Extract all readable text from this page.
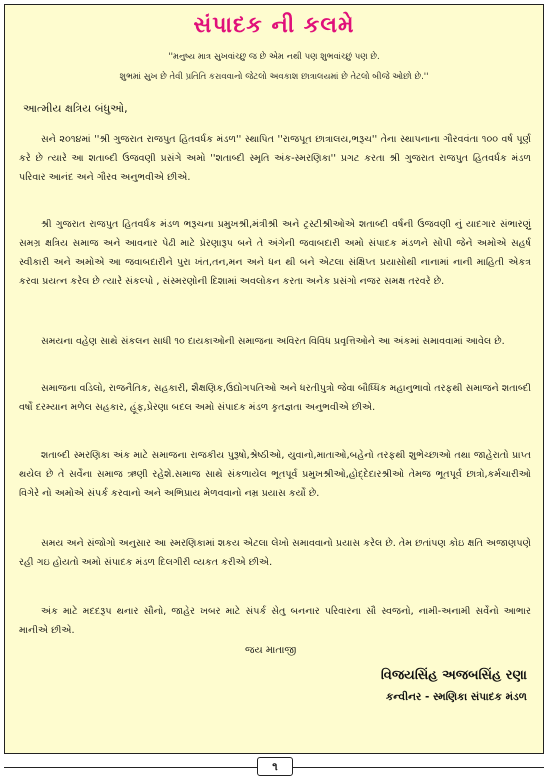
સંપાદક ની કલમે
''મનુષ્ય માત્ર સુખવાંચ્છુ જ છે એમ નથી પણ શુભવાંચ્છું પણ છે.
શુભમાં સુખ છે તેવી પ્રતિતિ કરાવવાનો જેટલો અવકાશ છાત્રાલયમાં છે તેટલો બીજે ઓછો છે.''
આત્મીય ક્ષત્રિય બંધુઓ,
સને ૨૦૧૪માં ''શ્રી ગુજરાત રાજપુત હિતવર્ધક મંડળ'' સ્થાપિત ''રાજપૂત છાત્રાલય,ભરૂચ'' તેના સ્થાપનાના ગૌરવવંતા ૧૦૦ વર્ષ પૂર્ણ કરે છે ત્યારે આ શતાબ્દી ઉજવણી પ્રસંગે અમો ''શતાબ્દી સ્મૃતિ અંક-સ્મરણિકા'' પ્રગટ કરતા શ્રી ગુજરાત રાજપુત હિતવર્ધક મંડળ પરિવાર આનંદ અને ગૌરવ અનુભવીએ છીએ.
શ્રી ગુજરાત રાજપુત હિતવર્ધક મંડળ ભરૂચના પ્રમુખશ્રી,મંત્રીશ્રી અને ટ્રસ્ટીશ્રીઓએ શતાબ્દી વર્ષની ઉજવણી નું યાદગાર સંભારણું સમગ્ર ક્ષત્રિય સમાજ અને આવનાર પેઢી માટે પ્રેરણારૂપ બને તે અંગેની જવાબદારી અમો સંપાદક મંડળને સોંપી જેને અમોએ સહર્ષ સ્વીકારી અને અમોએ આ જવાબદારીને પુરા ખંત,તન,મન અને ધન થી બને એટલા સંક્ષિપ્ત પ્રયાસોથી નાનામાં નાની માહિતી એકત્ર કરવા પ્રયત્ન કરેલ છે ત્યારે સંકલ્પો , સંસ્મરણોની દિશામાં અવલોકન કરતા અનેક પ્રસંગો નજર સમક્ષ તરવરે છે.
સમયના વહેણ સાથે સંકલન સાધી ૧૦ દાયકાઓની સમાજના અવિરત વિવિધ પ્રવૃત્તિઓને આ અંકમાં સમાવવામાં આવેલ છે.
સમાજના વડિલો, રાજનૈતિક, સહકારી, શૈક્ષણિક,ઉદ્યોગપતિઓ અને ધરતીપુત્રો જેવા બૌધ્ધિક મહાનુભાવો તરફથી સમાજને શતાબ્દી વર્ષો દરમ્યાન મળેલ સહકાર, હૂંફ,પ્રેરણા બદલ અમો સંપાદક મંડળ કૃતજ્ઞતા અનુભવીએ છીએ.
શતાબ્દી સ્મરણિકા અંક માટે સમાજના રાજકીય પુરૂષો,શ્રેષ્ઠીઓ, યુવાનો,માતાઓ,બહેનો તરફથી શુભેચ્છાઓ તથા જાહેરાતો પ્રાપ્ત થયેલ છે તે સર્વેના સમાજ ઋણી રહેશે.સમાજ સાથે સંકળાયેલ ભૂતપૂર્વ પ્રમુખશ્રીઓ,હોદ્દેદારશ્રીઓ તેમજ ભૂતપૂર્વ છાત્રો,કર્મચારીઓ વિગેરે નો અમોએ સંપર્ક કરવાનો અને અભિપ્રાય મેળવવાનો નમ્ર પ્રયાસ કર્યો છે.
સમય અને સંજોગો અનુસાર આ સ્મરણિકામાં શકય એટલા લેખો સમાવવાનો પ્રયાસ કરેલ છે. તેમ છતાંપણ કોઇ ક્ષતિ અજાણપણે રહી ગઇ હોયતો અમો સંપાદક મંડળ દિલગીરી વ્યકત કરીએ છીએ.
અંક માટે મદદરૂપ થનાર સૌનો, જાહેર ખબર માટે સંપર્ક સેતુ બનનાર પરિવારના સૌ સ્વજનો, નામી-અનામી સર્વેનો આભાર માનીએ છીએ.
જય માતાજી
વિજયસિંહ અજબસિંહ રણા
કન્વીનર - સ્મણિકા સંપાદક મંડળ
૧
